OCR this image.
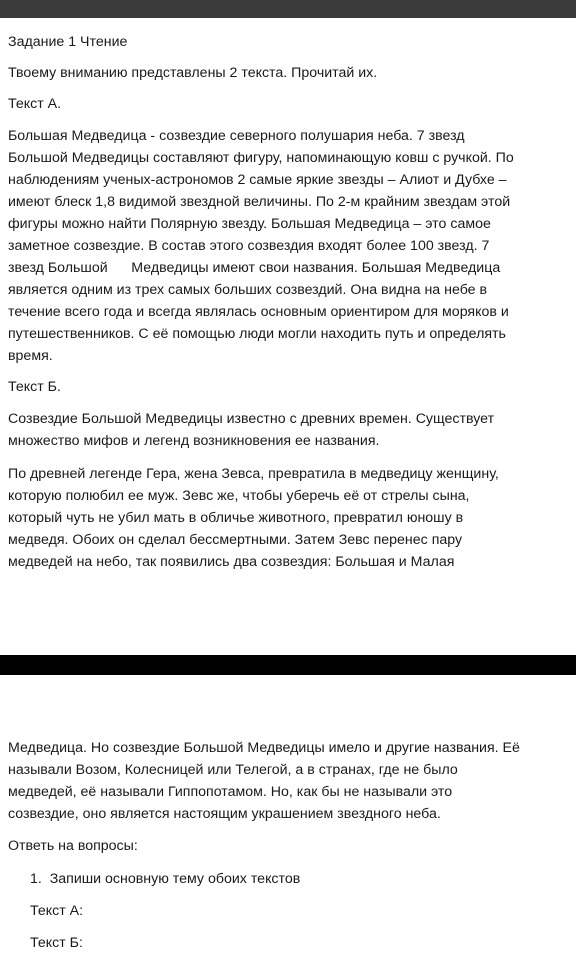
Задание 1 Чтение
Твоему вниманию представлены 2 текста. Прочитай их.
Текст А.
Большая Медведица - созвездие северного полушария неба. 7 звезд
Большой Медведицы составляют фигуру, напоминающую ковш с ручкой. По
наблюдениям ученых-астрономов 2 самые яркие звезды – Алиот и Дубхе –
имеют блеск 1,8 видимой звездной величины. По 2-м крайним звездам этой
фигуры можно найти Полярную звезду. Большая Медведица – это самое
заметное созвездие. В состав этого созвездия входят более 100 звезд. 7
звезд Большой      Медведицы имеют свои названия. Большая Медведица
является одним из трех самых больших созвездий. Она видна на небе в
течение всего года и всегда являлась основным ориентиром для моряков и
путешественников. С её помощью люди могли находить путь и определять
время.
Текст Б.
Созвездие Большой Медведицы известно с древних времен. Существует
множество мифов и легенд возникновения ее названия.
По древней легенде Гера, жена Зевса, превратила в медведицу женщину,
которую полюбил ее муж. Зевс же, чтобы уберечь её от стрелы сына,
который чуть не убил мать в обличье животного, превратил юношу в
медведя. Обоих он сделал бессмертными. Затем Зевс перенес пару
медведей на небо, так появились два созвездия: Большая и Малая
Медведица. Но созвездие Большой Медведицы имело и другие названия. Её
называли Возом, Колесницей или Телегой, а в странах, где не было
медведей, её называли Гиппопотамом. Но, как бы не называли это
созвездие, оно является настоящим украшением звездного неба.
Ответь на вопросы:
1.  Запиши основную тему обоих текстов
Текст А:
Текст Б:
